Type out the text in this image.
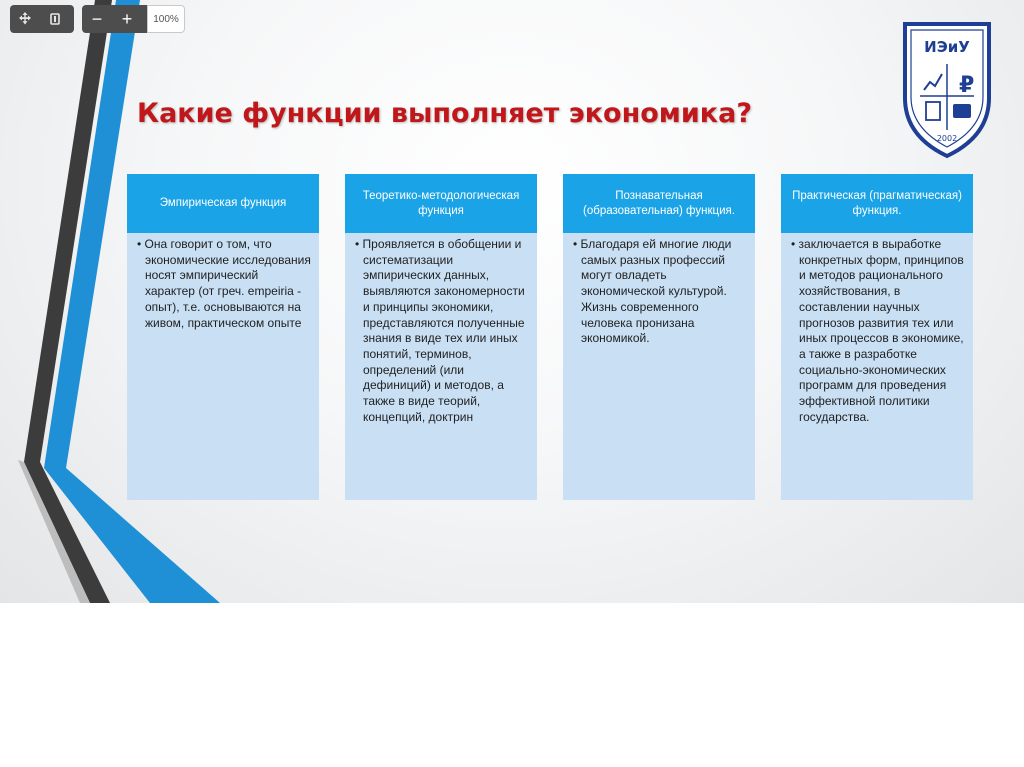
−	+	100%
Какие функции выполняет экономика?
ИЭиУ
₽
2002
Эмпирическая функция

• Она говорит о том, что экономические исследования носят эмпирический характер (от греч. empeiria - опыт), т.е. основываются на живом, практическом опыте

Теоретико-методологическая функция

• Проявляется в обобщении и систематизации эмпирических данных, выявляются закономерности и принципы экономики, представляются полученные знания в виде тех или иных понятий, терминов, определений (или дефиниций) и методов, а также в виде теорий, концепций, доктрин

Познавательная (образовательная) функция.

• Благодаря ей многие люди самых разных профессий могут овладеть экономической культурой. Жизнь современного человека пронизана экономикой.

Практическая (прагматическая) функция.

• заключается в выработке конкретных форм, принципов и методов рационального хозяйствования, в составлении научных прогнозов развития тех или иных процессов в экономике, а также в разработке социально-экономических программ для проведения эффективной политики государства.
